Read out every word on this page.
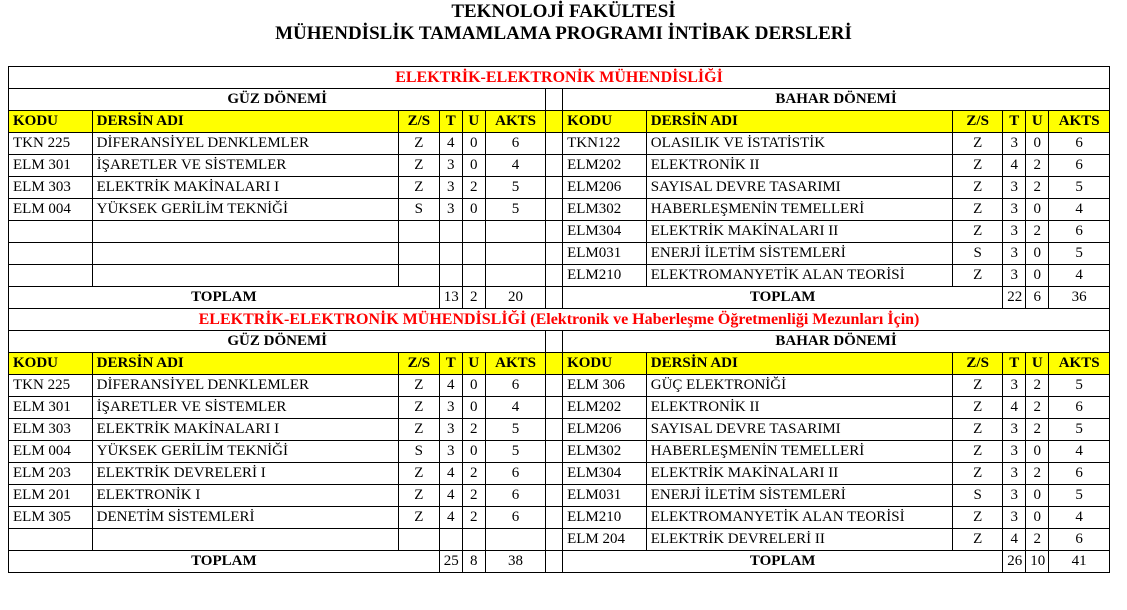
TEKNOLOJİ FAKÜLTESİ
MÜHENDİSLİK TAMAMLAMA PROGRAMI İNTİBAK DERSLERİ
ELEKTRİK-ELEKTRONİK MÜHENDİSLİĞİ												
GÜZ DÖNEMİ							BAHAR DÖNEMİ					
KODU	DERSİN ADI	Z/S	T	U	AKTS		KODU	DERSİN ADI	Z/S	T	U	AKTS
TKN 225	DİFERANSİYEL DENKLEMLER	Z	4	0	6		TKN122	OLASILIK VE İSTATİSTİK	Z	3	0	6
ELM 301	İŞARETLER VE SİSTEMLER	Z	3	0	4		ELM202	ELEKTRONİK II	Z	4	2	6
ELM 303	ELEKTRİK MAKİNALARI I	Z	3	2	5		ELM206	SAYISAL DEVRE TASARIMI	Z	3	2	5
ELM 004	YÜKSEK GERİLİM TEKNİĞİ	S	3	0	5		ELM302	HABERLEŞMENİN TEMELLERİ	Z	3	0	4
							ELM304	ELEKTRİK MAKİNALARI II	Z	3	2	6
							ELM031	ENERJİ İLETİM SİSTEMLERİ	S	3	0	5
							ELM210	ELEKTROMANYETİK ALAN TEORİSİ	Z	3	0	4
TOPLAM			13	2	20		TOPLAM			22	6	36
ELEKTRİK-ELEKTRONİK MÜHENDİSLİĞİ (Elektronik ve Haberleşme Öğretmenliği Mezunları İçin)												
GÜZ DÖNEMİ							BAHAR DÖNEMİ					
KODU	DERSİN ADI	Z/S	T	U	AKTS		KODU	DERSİN ADI	Z/S	T	U	AKTS
TKN 225	DİFERANSİYEL DENKLEMLER	Z	4	0	6		ELM 306	GÜÇ ELEKTRONİĞİ	Z	3	2	5
ELM 301	İŞARETLER VE SİSTEMLER	Z	3	0	4		ELM202	ELEKTRONİK II	Z	4	2	6
ELM 303	ELEKTRİK MAKİNALARI I	Z	3	2	5		ELM206	SAYISAL DEVRE TASARIMI	Z	3	2	5
ELM 004	YÜKSEK GERİLİM TEKNİĞİ	S	3	0	5		ELM302	HABERLEŞMENİN TEMELLERİ	Z	3	0	4
ELM 203	ELEKTRİK DEVRELERİ I	Z	4	2	6		ELM304	ELEKTRİK MAKİNALARI II	Z	3	2	6
ELM 201	ELEKTRONİK I	Z	4	2	6		ELM031	ENERJİ İLETİM SİSTEMLERİ	S	3	0	5
ELM 305	DENETİM SİSTEMLERİ	Z	4	2	6		ELM210	ELEKTROMANYETİK ALAN TEORİSİ	Z	3	0	4
							ELM 204	ELEKTRİK DEVRELERİ II	Z	4	2	6
TOPLAM			25	8	38		TOPLAM			26	10	41
